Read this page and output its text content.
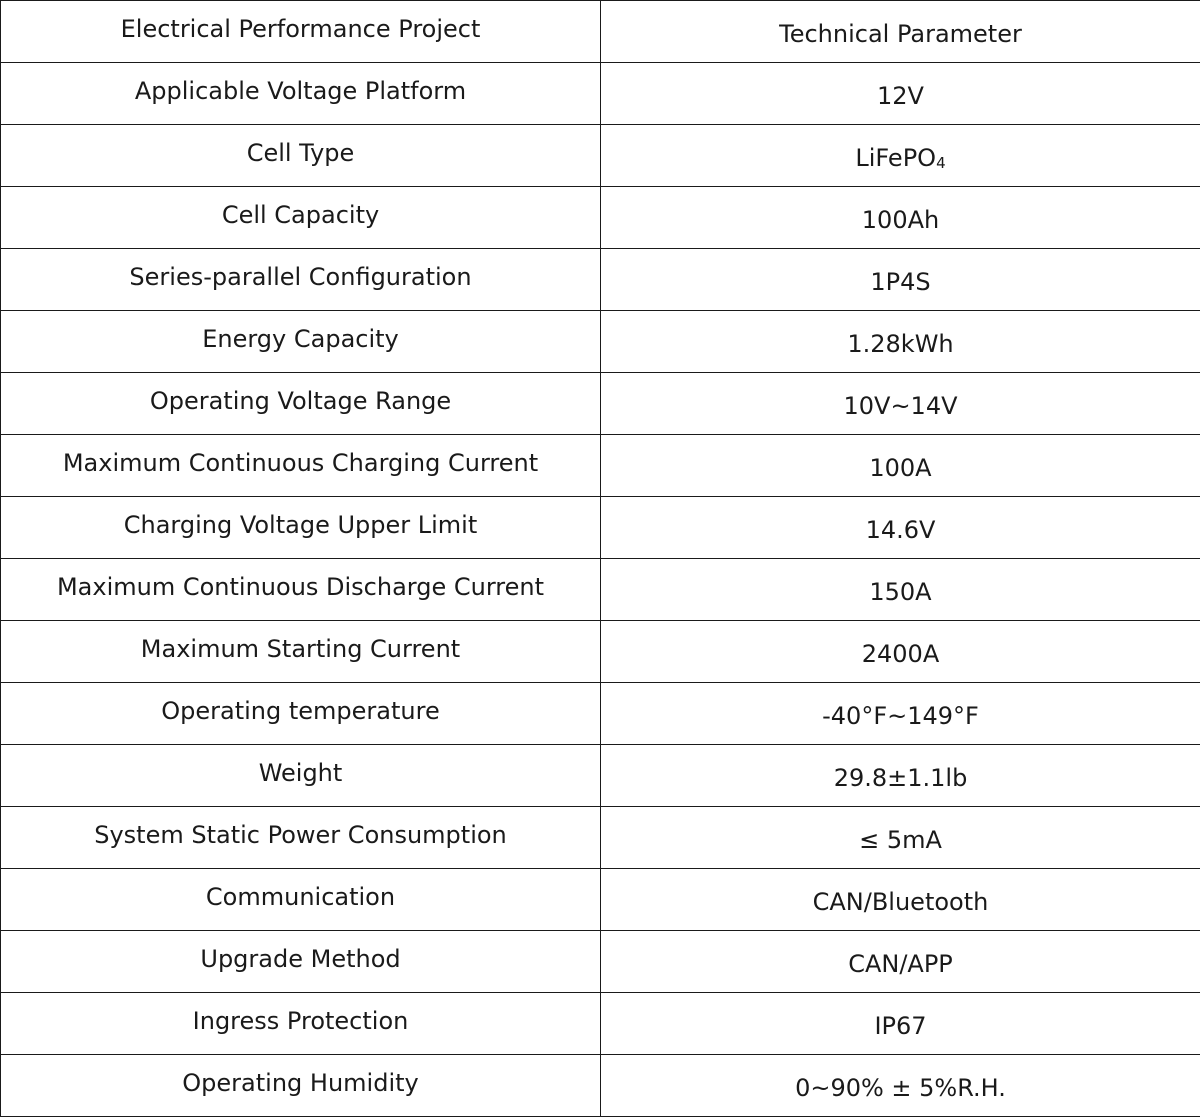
Electrical Performance Project	Technical Parameter
Applicable Voltage Platform	12V
Cell Type	LiFePO$_4$
Cell Capacity	100Ah
Series-parallel Configuration	1P4S
Energy Capacity	1.28kWh
Operating Voltage Range	10V~14V
Maximum Continuous Charging Current	100A
Charging Voltage Upper Limit	14.6V
Maximum Continuous Discharge Current	150A
Maximum Starting Current	2400A
Operating temperature	-40°F~149°F
Weight	29.8±1.1lb
System Static Power Consumption	≤ 5mA
Communication	CAN/Bluetooth
Upgrade Method	CAN/APP
Ingress Protection	IP67
Operating Humidity	0~90% ± 5%R.H.
